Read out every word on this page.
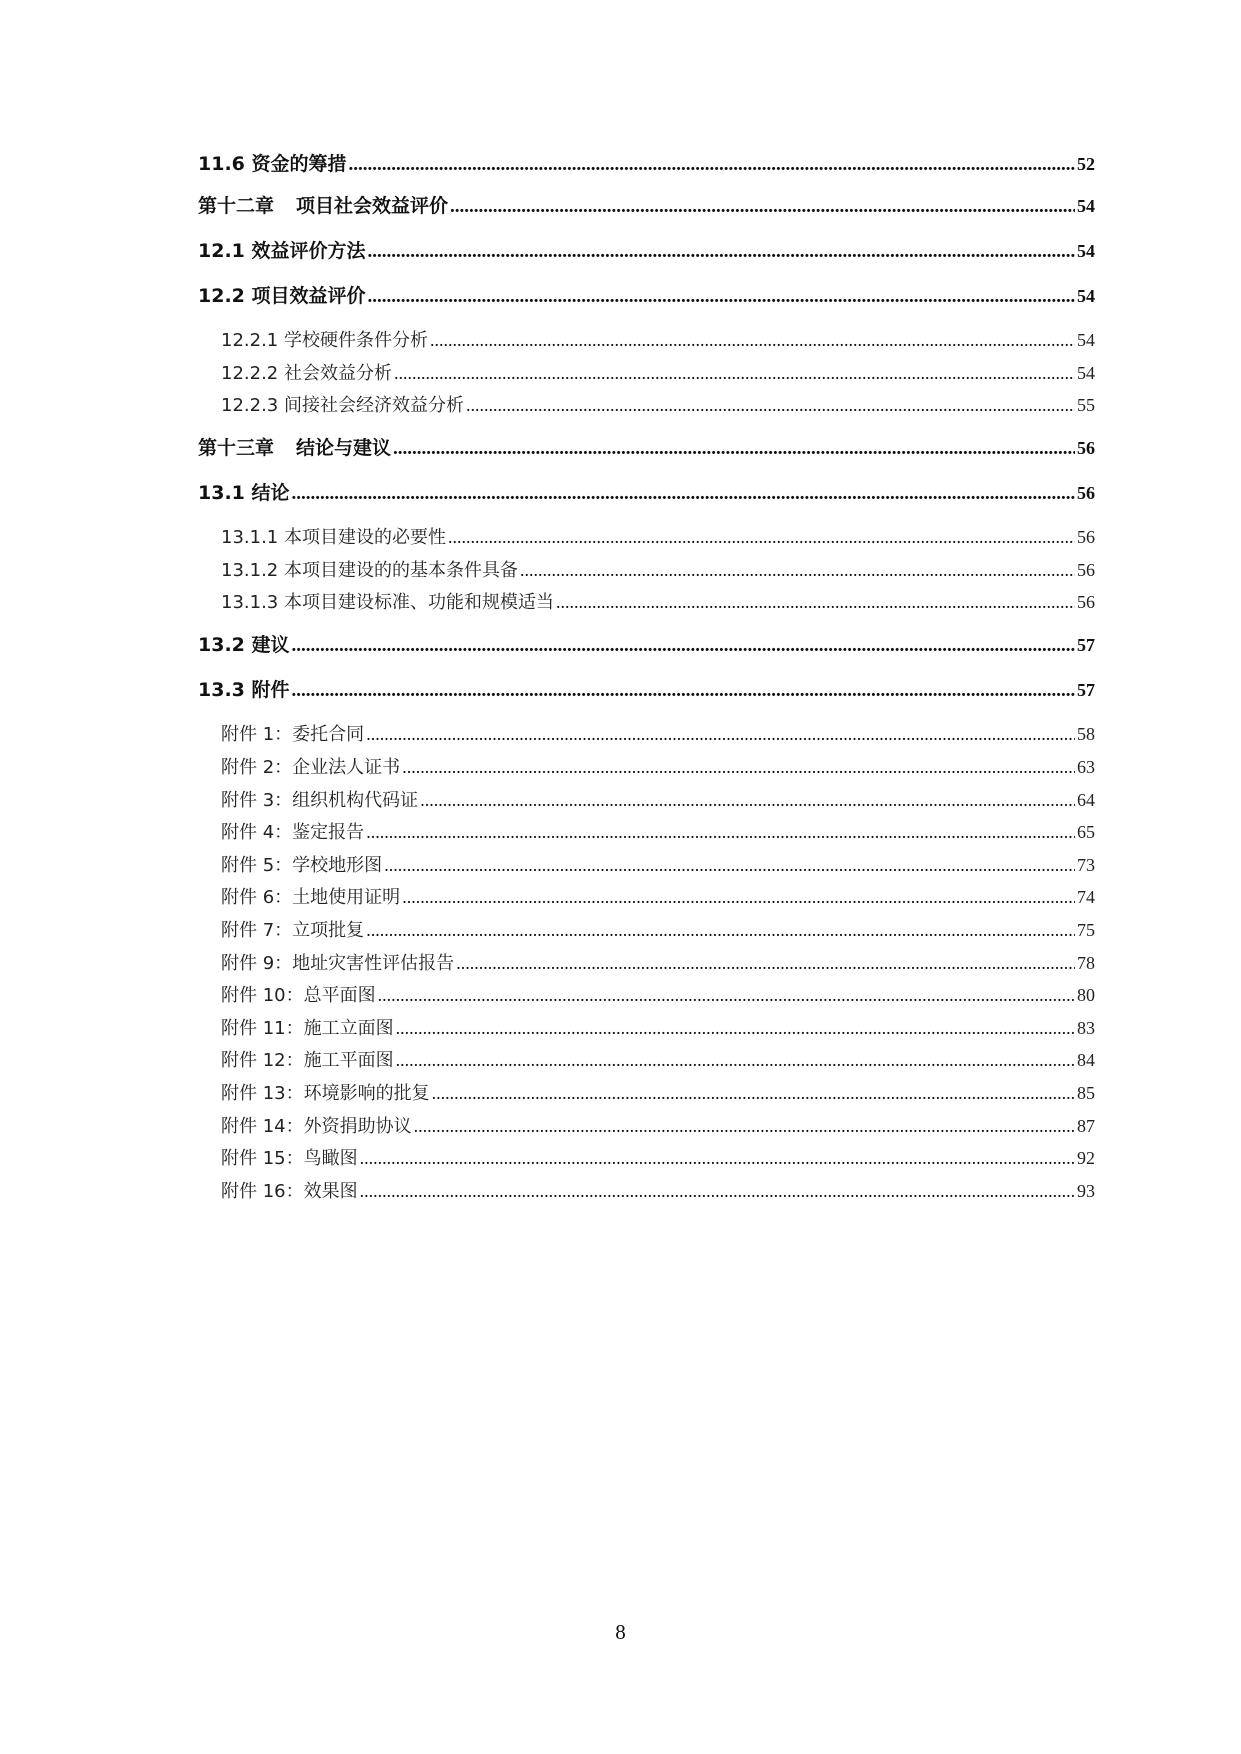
11.6 资金的筹措 .....	52
第十二章 项目社会效益评价 .....	54
12.1 效益评价方法 .....	54
12.2 项目效益评价 .....	54
12.2.1 学校硬件条件分析 .....	54
12.2.2 社会效益分析 .....	54
12.2.3 间接社会经济效益分析 .....	55
第十三章 结论与建议 .....	56
13.1 结论 .....	56
13.1.1 本项目建设的必要性 .....	56
13.1.2 本项目建设的的基本条件具备 .....	56
13.1.3 本项目建设标准、功能和规模适当 .....	56
13.2 建议 .....	57
13.3 附件 .....	57
附件 1：委托合同 .....	58
附件 2：企业法人证书 .....	63
附件 3：组织机构代码证 .....	64
附件 4：鉴定报告 .....	65
附件 5：学校地形图 .....	73
附件 6：土地使用证明 .....	74
附件 7：立项批复 .....	75
附件 9：地址灾害性评估报告 .....	78
附件 10：总平面图 .....	80
附件 11：施工立面图 .....	83
附件 12：施工平面图 .....	84
附件 13：环境影响的批复 .....	85
附件 14：外资捐助协议 .....	87
附件 15：鸟瞰图 .....	92
附件 16：效果图 .....	93
8
